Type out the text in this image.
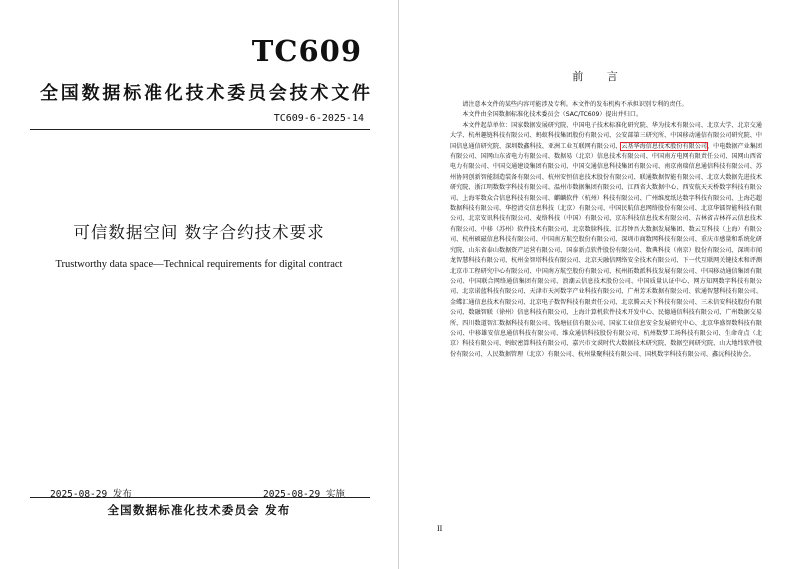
TC609
全国数据标准化技术委员会技术文件
TC609-6-2025-14
可信数据空间 数字合约技术要求
Trustworthy data space—Technical requirements for digital contract
2025-08-29 发布	2025-08-29 实施
全国数据标准化技术委员会 发布
前 言

请注意本文件的某些内容可能涉及专利。本文件的发布机构不承担识别专利的责任。

本文件由全国数据标准化技术委员会（SAC/TC609）提出并归口。

本文件起草单位：国家数据发展研究院、中国电子技术标准化研究院、华为技术有限公司、北京大学、北京交通大学、杭州趣链科技有限公司、蚂蚁科技集团股份有限公司、公安部第三研究所、中国移动通信有限公司研究院、中国信息通信研究院、深圳数鑫科技、亚洲工业互联网有限公司、云基华海信息技术股份有限公司、中电数据产业集团有限公司、国网山东省电力有限公司、数据易（北京）信息技术有限公司、中国南方电网有限责任公司、国网山西省电力有限公司、中国交通建设集团有限公司、中国交通信息科技集团有限公司、南京南瑞信息通信科技有限公司、苏州协同创新智能制造装备有限公司、杭州安恒信息技术股份有限公司、联通数据智能有限公司、北京大数据先进技术研究院、浙江明数数字科技有限公司、温州市数据集团有限公司、江西省大数据中心、西安航天天桥数字科技有限公司、上海零数众合信息科技有限公司、麒麟软件（杭州）科技有限公司、广州维度纸达数字科技有限公司、上海芯超数据科技有限公司、华控清交信息科技（北京）有限公司、中国民航信息网络股份有限公司、北京华镭智能科技有限公司、北京安讯科技有限公司、麦络科技（中国）有限公司、京东科技信息技术有限公司、吉林省吉林祥云信息技术有限公司、中移（苏州）软件技术有限公司、北京数牍科技、江苏钟吾大数据发展集团、数云互科技（上海）有限公司、杭州硕磁信息科技有限公司、中国南方航空股份有限公司、深圳市商数网科技有限公司、重庆市感量和系统化研究院、山东省泰山数据资产运营有限公司、国泰新点软件股份有限公司、数典科技（南京）股份有限公司、深圳市闻龙智慧科技有限公司、杭州金智塔科技有限公司、北京天融信网络安全技术有限公司、下一代互联网关键技术和评测北京市工程研究中心有限公司、中国南方航空股份有限公司、杭州拓数派科技发展有限公司、中国移动通信集团有限公司、中国联合网络通信集团有限公司、浪潮云信息技术股份公司、中国质量认证中心、网方知网数字科技有限公司、北京诺蓝科技有限公司、天津市天河数字产业科技有限公司、广州芳禾数据有限公司、软通智慧科技有限公司、金蝶汇通信息技术有限公司、北京电子数智科技有限责任公司、北京腾云天下科技有限公司、三未信安科技股份有限公司、数融智联（徐州）信息科技有限公司、上海计算机软件技术开发中心、民德通信科技有限公司、广州数据交易所、四川数道智汇数据科技有限公司、钱塘征信有限公司、国家工业信息安全发展研究中心、北京华盛智数科技有限公司、中移雄安信息通信科技有限公司、维众通信科技股份有限公司、杭州数梦工场科技有限公司、生命奇点（北京）科技有限公司、蚂蚁密算科技有限公司、嘉兴市文谟时代大数据技术研究院、数据空间研究院、山大地纬软件股份有限公司、人民数据管理（北京）有限公司、杭州量聚科技有限公司、国机数字科技有限公司、鑫沅科技协会。

II
